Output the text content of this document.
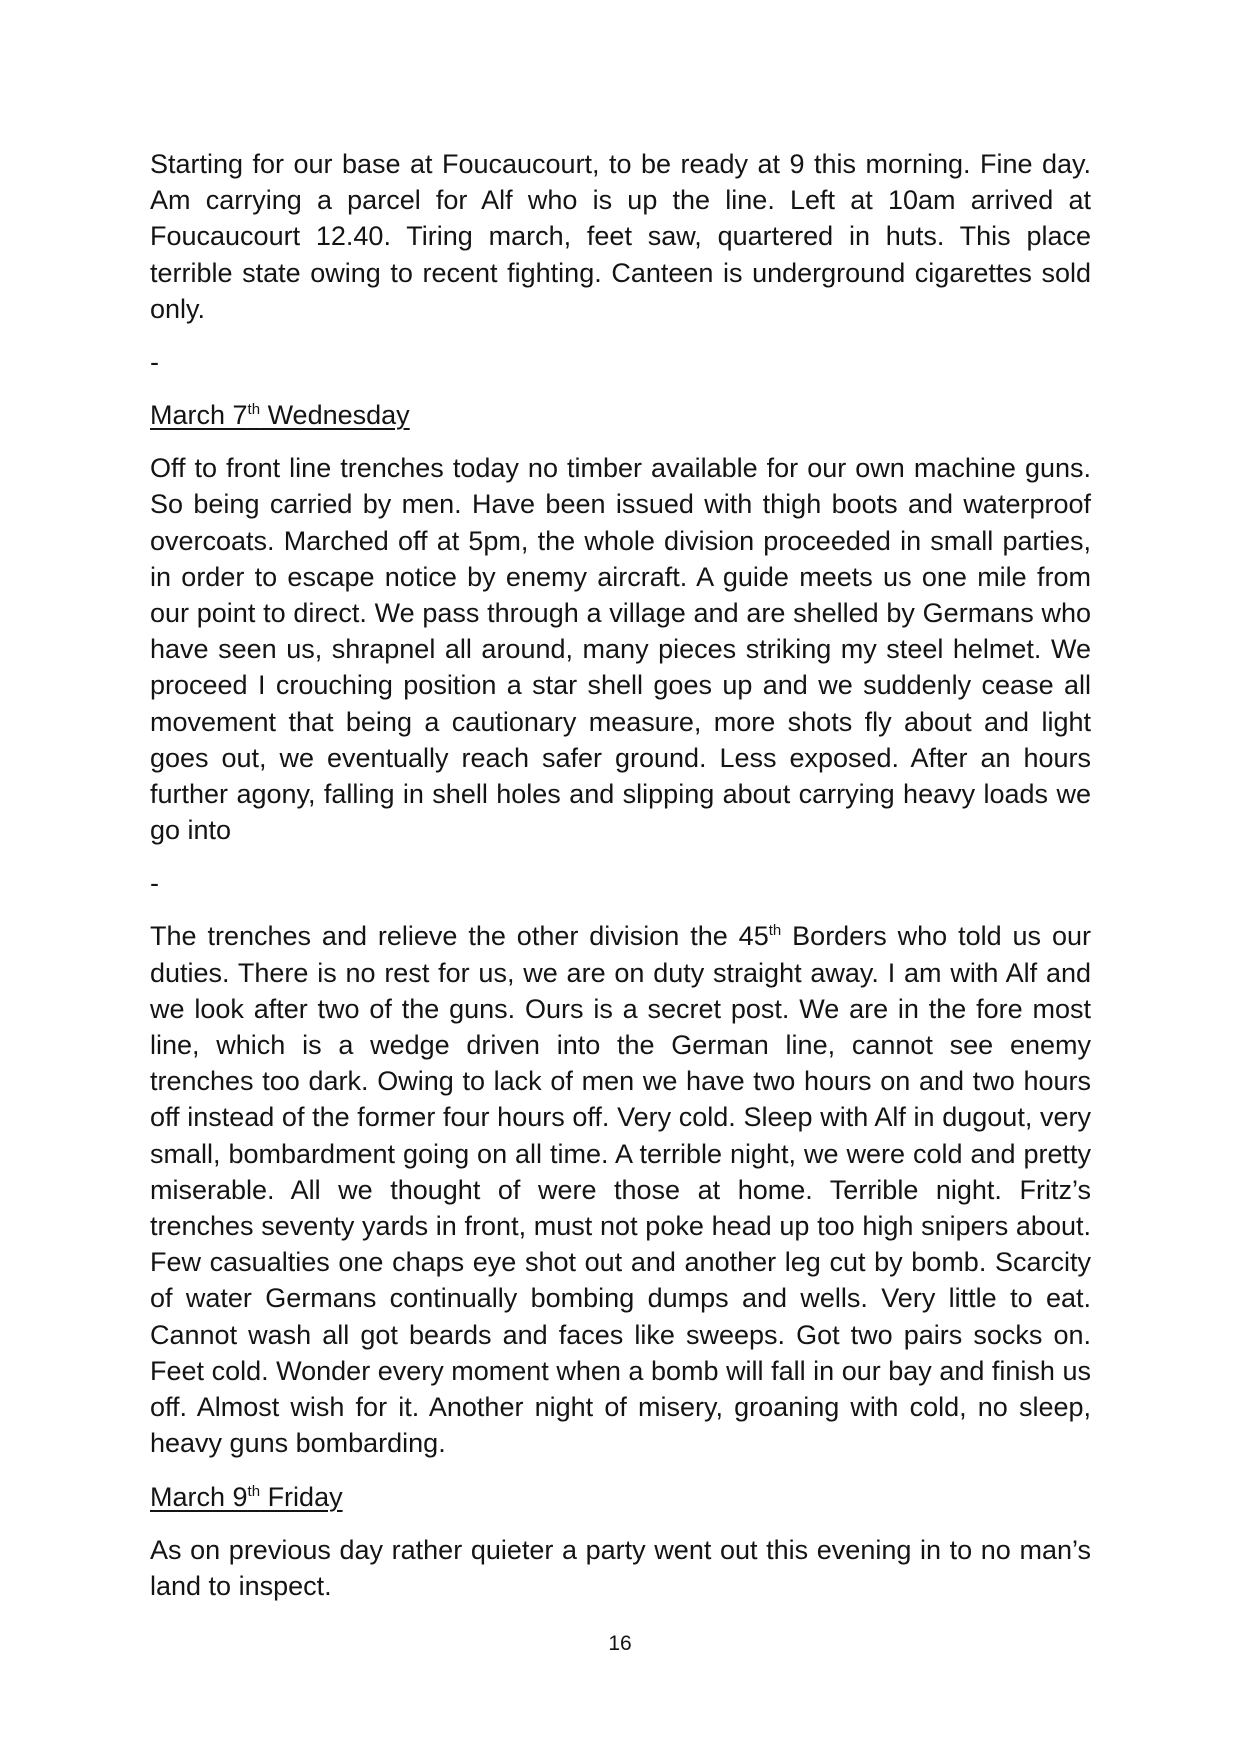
Starting for our base at Foucaucourt, to be ready at 9 this morning. Fine day. Am carrying a parcel for Alf who is up the line. Left at 10am arrived at Foucaucourt 12.40. Tiring march, feet saw, quartered in huts. This place terrible state owing to recent fighting. Canteen is underground cigarettes sold only.

-
March 7th Wednesday

Off to front line trenches today no timber available for our own machine guns. So being carried by men. Have been issued with thigh boots and waterproof overcoats. Marched off at 5pm, the whole division proceeded in small parties, in order to escape notice by enemy aircraft. A guide meets us one mile from our point to direct. We pass through a village and are shelled by Germans who have seen us, shrapnel all around, many pieces striking my steel helmet. We proceed I crouching position a star shell goes up and we suddenly cease all movement that being a cautionary measure, more shots fly about and light goes out, we eventually reach safer ground. Less exposed. After an hours further agony, falling in shell holes and slipping about carrying heavy loads we go into

-

The trenches and relieve the other division the 45th Borders who told us our duties. There is no rest for us, we are on duty straight away. I am with Alf and we look after two of the guns. Ours is a secret post. We are in the fore most line, which is a wedge driven into the German line, cannot see enemy trenches too dark. Owing to lack of men we have two hours on and two hours off instead of the former four hours off. Very cold. Sleep with Alf in dugout, very small, bombardment going on all time. A terrible night, we were cold and pretty miserable. All we thought of were those at home. Terrible night. Fritz’s trenches seventy yards in front, must not poke head up too high snipers about. Few casualties one chaps eye shot out and another leg cut by bomb. Scarcity of water Germans continually bombing dumps and wells. Very little to eat. Cannot wash all got beards and faces like sweeps. Got two pairs socks on. Feet cold. Wonder every moment when a bomb will fall in our bay and finish us off. Almost wish for it. Another night of misery, groaning with cold, no sleep, heavy guns bombarding.

March 9th Friday

As on previous day rather quieter a party went out this evening in to no man’s land to inspect.

16
